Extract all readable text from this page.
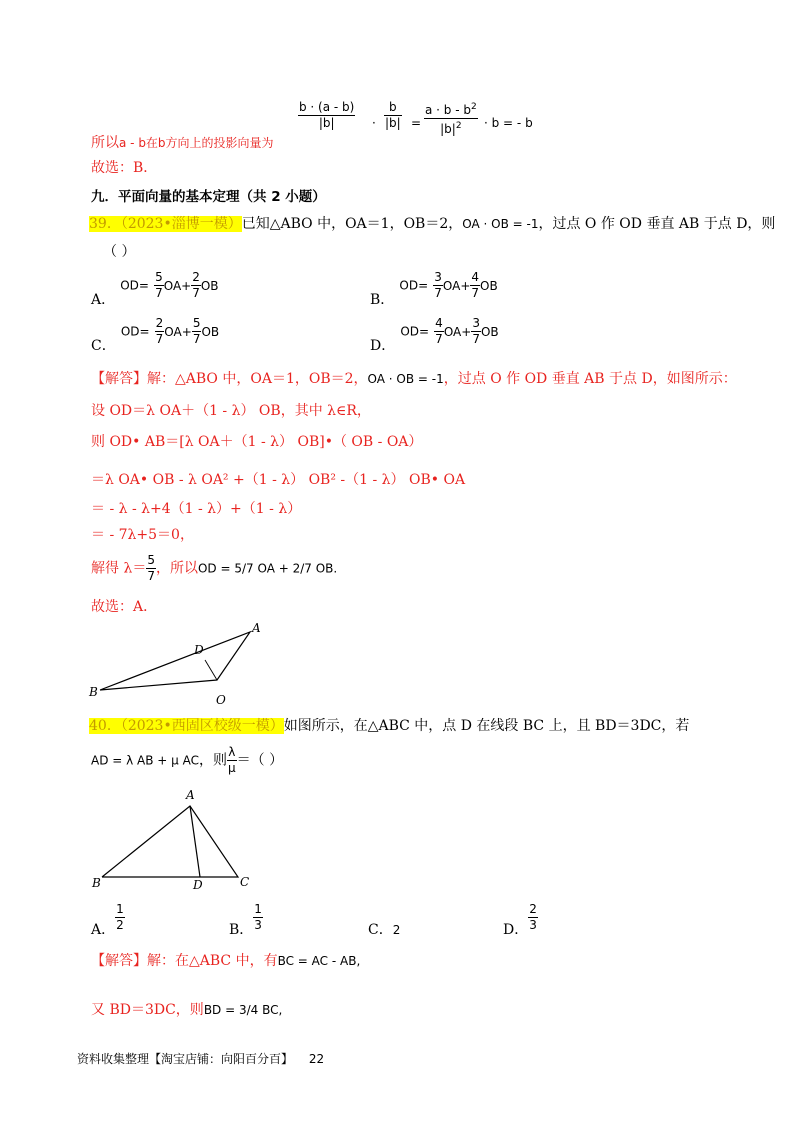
所以a - b在b方向上的投影向量为
$\frac{b \cdot (a - b)}{|b|} \cdot \frac{b}{|b|} = \frac{a \cdot b - b^2}{|b|^2} \cdot b$ = - b
故选：B．
九．平面向量的基本定理（共 2 小题）
39．（2023•淄博一模）已知△ABO 中，OA＝1，OB＝2，OA · OB = -1，过点 O 作 OD 垂直 AB 于点 D，则
（ ）
A． $OD= \frac{5}{7} OA+ \frac{2}{7}$ OB
B． $OD= \frac{3}{7} OA+ \frac{4}{7}$ OB
C． $OD= \frac{2}{7} OA+ \frac{5}{7}$ OB
D． $OD= \frac{4}{7} OA+ \frac{3}{7}$ OB
【解答】解：△ABO 中，OA＝1，OB＝2，OA · OB = -1，过点 O 作 OD 垂直 AB 于点 D，如图所示：
设 OD＝λ OA＋（1 - λ） OB，其中 λ∈R，
则 OD• AB＝[λ OA＋（1 - λ） OB]•（ OB - OA）
＝λ OA• OB - λ OA² +（1 - λ） OB² -（1 - λ） OB• OA
＝ - λ - λ+4（1 - λ）+（1 - λ）
＝ - 7λ+5＝0，
解得 $\lambda= \frac{5}{7}$ ，所以OD = 5/7 OA + 2/7 OB.
故选：A．
A
B
D
O
40．（2023•西固区校级一模）如图所示，在△ABC 中，点 D 在线段 BC 上，且 BD＝3DC，若
AD = λ AB + μ AC，则 $\frac{\lambda}{\mu}$ ＝（ ）
A
B	C
D
A． $\frac{1}{2}$	B． $\frac{1}{3}$	C．2	D． $\frac{2}{3}$
【解答】解：在△ABC 中，有BC = AC - AB,
又 BD＝3DC，则BD = 3/4 BC,
资料收集整理【淘宝店铺：向阳百分百】 22
